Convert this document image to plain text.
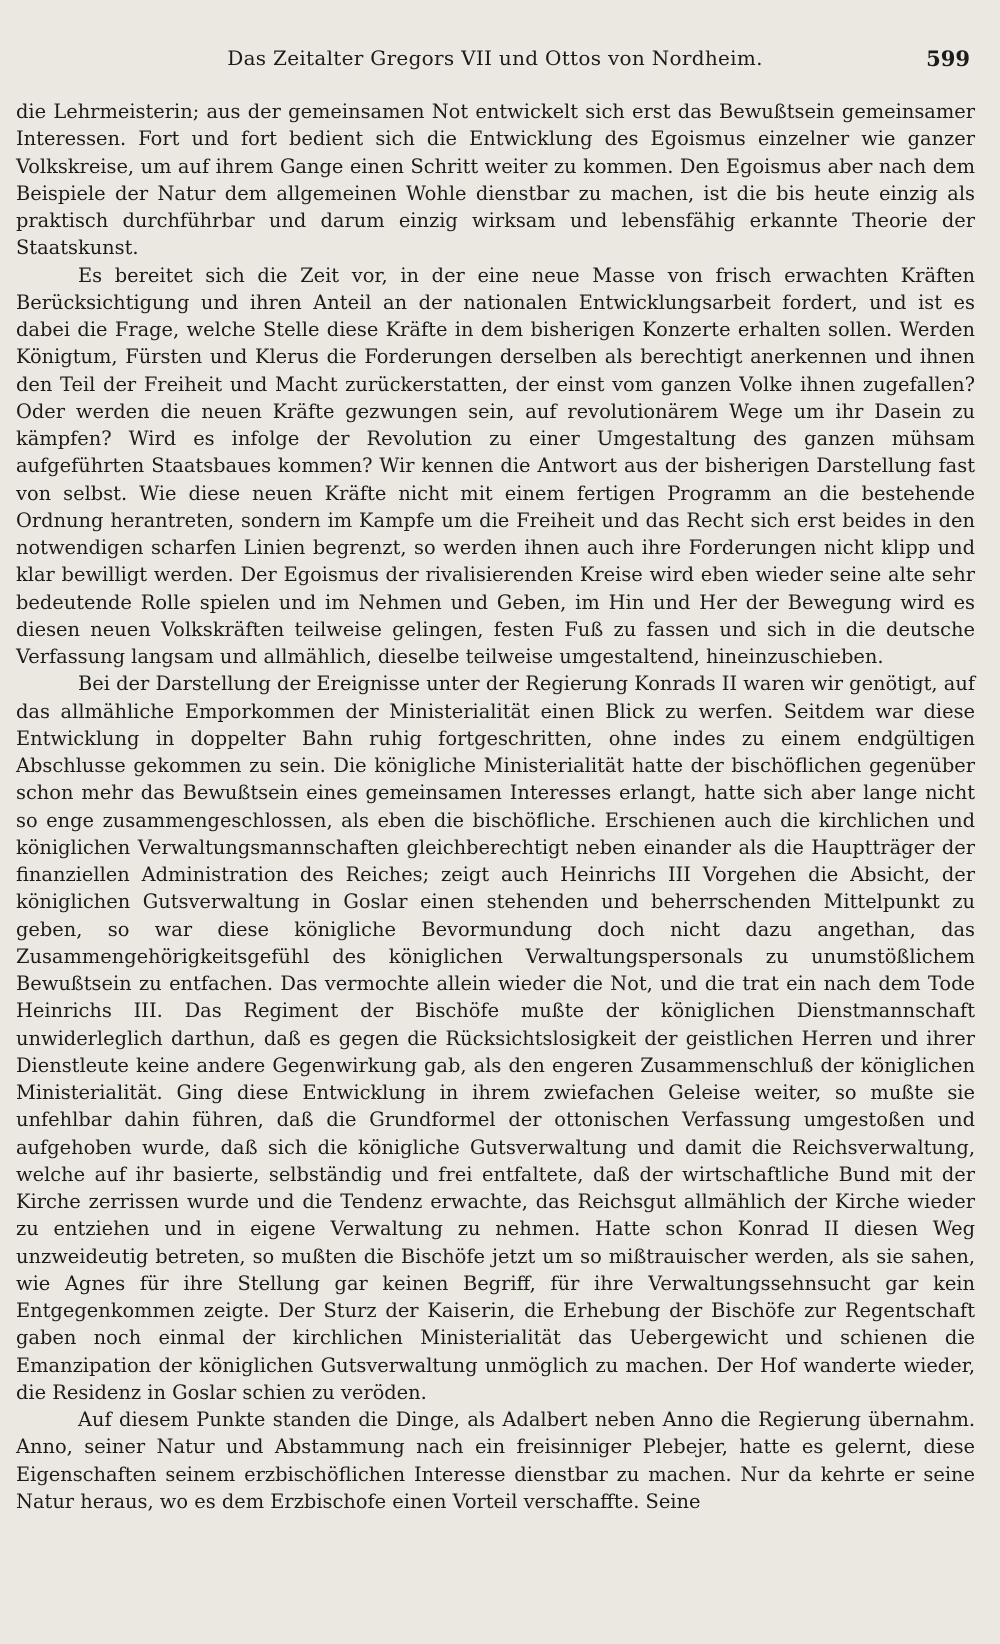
Das Zeitalter Gregors VII und Ottos von Nordheim.	599

die Lehrmeisterin; aus der gemeinsamen Not entwickelt sich erst das Bewußtsein gemeinsamer Interessen. Fort und fort bedient sich die Entwicklung des Egoismus einzelner wie ganzer Volkskreise, um auf ihrem Gange einen Schritt weiter zu kommen. Den Egoismus aber nach dem Beispiele der Natur dem allgemeinen Wohle dienstbar zu machen, ist die bis heute einzig als praktisch durchführbar und darum einzig wirksam und lebensfähig erkannte Theorie der Staatskunst.

Es bereitet sich die Zeit vor, in der eine neue Masse von frisch erwachten Kräften Berücksichtigung und ihren Anteil an der nationalen Entwicklungsarbeit fordert, und ist es dabei die Frage, welche Stelle diese Kräfte in dem bisherigen Konzerte erhalten sollen. Werden Königtum, Fürsten und Klerus die Forderungen derselben als berechtigt anerkennen und ihnen den Teil der Freiheit und Macht zurückerstatten, der einst vom ganzen Volke ihnen zugefallen? Oder werden die neuen Kräfte gezwungen sein, auf revolutionärem Wege um ihr Dasein zu kämpfen? Wird es infolge der Revolution zu einer Umgestaltung des ganzen mühsam aufgeführten Staatsbaues kommen? Wir kennen die Antwort aus der bisherigen Darstellung fast von selbst. Wie diese neuen Kräfte nicht mit einem fertigen Programm an die bestehende Ordnung herantreten, sondern im Kampfe um die Freiheit und das Recht sich erst beides in den notwendigen scharfen Linien begrenzt, so werden ihnen auch ihre Forderungen nicht klipp und klar bewilligt werden. Der Egoismus der rivalisierenden Kreise wird eben wieder seine alte sehr bedeutende Rolle spielen und im Nehmen und Geben, im Hin und Her der Bewegung wird es diesen neuen Volkskräften teilweise gelingen, festen Fuß zu fassen und sich in die deutsche Verfassung langsam und allmählich, dieselbe teilweise umgestaltend, hineinzuschieben.

Bei der Darstellung der Ereignisse unter der Regierung Konrads II waren wir genötigt, auf das allmähliche Emporkommen der Ministerialität einen Blick zu werfen. Seitdem war diese Entwicklung in doppelter Bahn ruhig fortgeschritten, ohne indes zu einem endgültigen Abschlusse gekommen zu sein. Die königliche Ministerialität hatte der bischöflichen gegenüber schon mehr das Bewußtsein eines gemeinsamen Interesses erlangt, hatte sich aber lange nicht so enge zusammengeschlossen, als eben die bischöfliche. Erschienen auch die kirchlichen und königlichen Verwaltungsmannschaften gleichberechtigt neben einander als die Hauptträger der finanziellen Administration des Reiches; zeigt auch Heinrichs III Vorgehen die Absicht, der königlichen Gutsverwaltung in Goslar einen stehenden und beherrschenden Mittelpunkt zu geben, so war diese königliche Bevormundung doch nicht dazu angethan, das Zusammengehörigkeitsgefühl des königlichen Verwaltungspersonals zu unumstößlichem Bewußtsein zu entfachen. Das vermochte allein wieder die Not, und die trat ein nach dem Tode Heinrichs III. Das Regiment der Bischöfe mußte der königlichen Dienstmannschaft unwiderleglich darthun, daß es gegen die Rücksichtslosigkeit der geistlichen Herren und ihrer Dienstleute keine andere Gegenwirkung gab, als den engeren Zusammenschluß der königlichen Ministerialität. Ging diese Entwicklung in ihrem zwiefachen Geleise weiter, so mußte sie unfehlbar dahin führen, daß die Grundformel der ottonischen Verfassung umgestoßen und aufgehoben wurde, daß sich die königliche Gutsverwaltung und damit die Reichsverwaltung, welche auf ihr basierte, selbständig und frei entfaltete, daß der wirtschaftliche Bund mit der Kirche zerrissen wurde und die Tendenz erwachte, das Reichsgut allmählich der Kirche wieder zu entziehen und in eigene Verwaltung zu nehmen. Hatte schon Konrad II diesen Weg unzweideutig betreten, so mußten die Bischöfe jetzt um so mißtrauischer werden, als sie sahen, wie Agnes für ihre Stellung gar keinen Begriff, für ihre Verwaltungssehnsucht gar kein Entgegenkommen zeigte. Der Sturz der Kaiserin, die Erhebung der Bischöfe zur Regentschaft gaben noch einmal der kirchlichen Ministerialität das Uebergewicht und schienen die Emanzipation der königlichen Gutsverwaltung unmöglich zu machen. Der Hof wanderte wieder, die Residenz in Goslar schien zu veröden.

Auf diesem Punkte standen die Dinge, als Adalbert neben Anno die Regierung übernahm. Anno, seiner Natur und Abstammung nach ein freisinniger Plebejer, hatte es gelernt, diese Eigenschaften seinem erzbischöflichen Interesse dienstbar zu machen. Nur da kehrte er seine Natur heraus, wo es dem Erzbischofe einen Vorteil verschaffte. Seine
